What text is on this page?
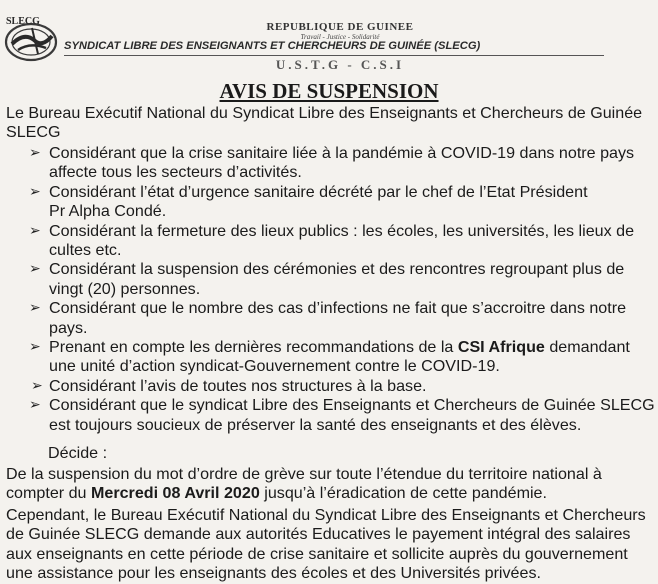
SLECG	REPUBLIQUE DE GUINEE
Travail - Justice - Solidarité
SYNDICAT LIBRE DES ENSEIGNANTS ET CHERCHEURS DE GUINÉE (SLECG)
U.S.T.G - C.S.I
AVIS DE SUSPENSION
Le Bureau Exécutif National du Syndicat Libre des Enseignants et Chercheurs de Guinée
SLECG
➢ Considérant que la crise sanitaire liée à la pandémie à COVID-19 dans notre pays
affecte tous les secteurs d’activités.
➢ Considérant l’état d’urgence sanitaire décrété par le chef de l’Etat Président
Pr Alpha Condé.
➢ Considérant la fermeture des lieux publics : les écoles, les universités, les lieux de
cultes etc.
➢ Considérant la suspension des cérémonies et des rencontres regroupant plus de
vingt (20) personnes.
➢ Considérant que le nombre des cas d’infections ne fait que s’accroitre dans notre
pays.
➢ Prenant en compte les dernières recommandations de la CSI Afrique demandant
une unité d’action syndicat-Gouvernement contre le COVID-19.
➢ Considérant l’avis de toutes nos structures à la base.
➢ Considérant que le syndicat Libre des Enseignants et Chercheurs de Guinée SLECG
est toujours soucieux de préserver la santé des enseignants et des élèves.
Décide :
De la suspension du mot d’ordre de grève sur toute l’étendue du territoire national à
compter du Mercredi 08 Avril 2020 jusqu’à l’éradication de cette pandémie.
Cependant, le Bureau Exécutif National du Syndicat Libre des Enseignants et Chercheurs
de Guinée SLECG demande aux autorités Educatives le payement intégral des salaires
aux enseignants en cette période de crise sanitaire et sollicite auprès du gouvernement
une assistance pour les enseignants des écoles et des Universités privées.
